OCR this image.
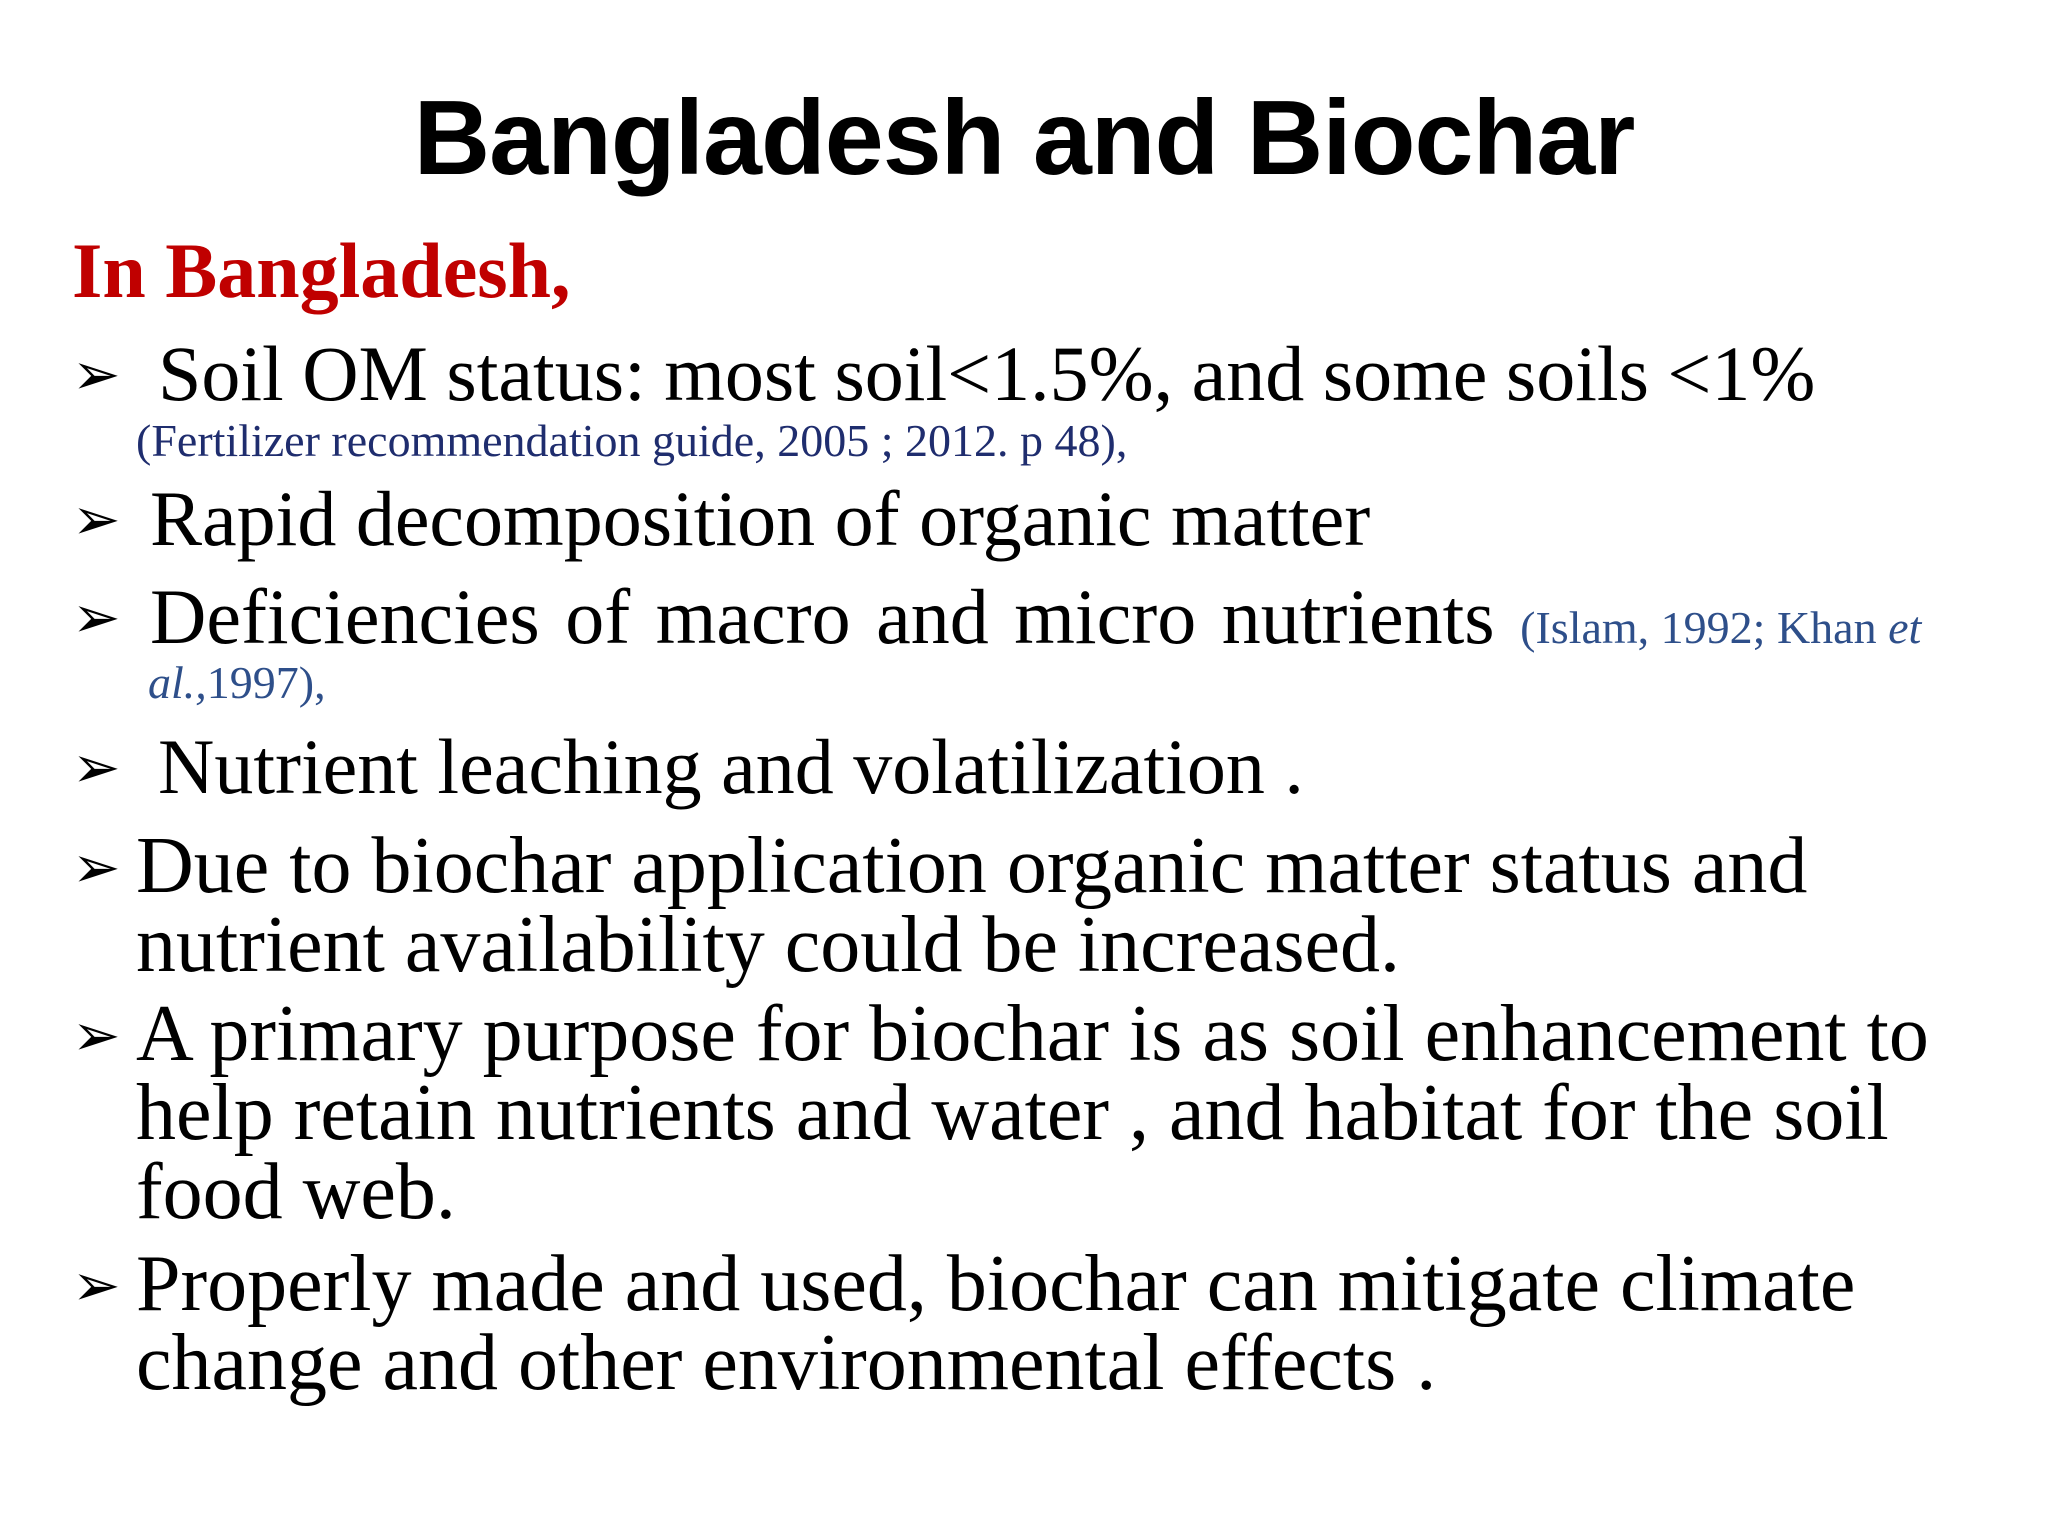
Bangladesh and Biochar
In Bangladesh,
➢ Soil OM status: most soil<1.5%, and some soils <1%
(Fertilizer recommendation guide, 2005 ; 2012. p 48),
➢ Rapid decomposition of organic matter
➢ Deficiencies of macro and micro nutrients (Islam, 1992; Khan et
al.,1997),
➢ Nutrient leaching and volatilization .
➢ Due to biochar application organic matter status and
nutrient availability could be increased.
➢ A primary purpose for biochar is as soil enhancement to
help retain nutrients and water , and habitat for the soil
food web.
➢ Properly made and used, biochar can mitigate climate
change and other environmental effects .
